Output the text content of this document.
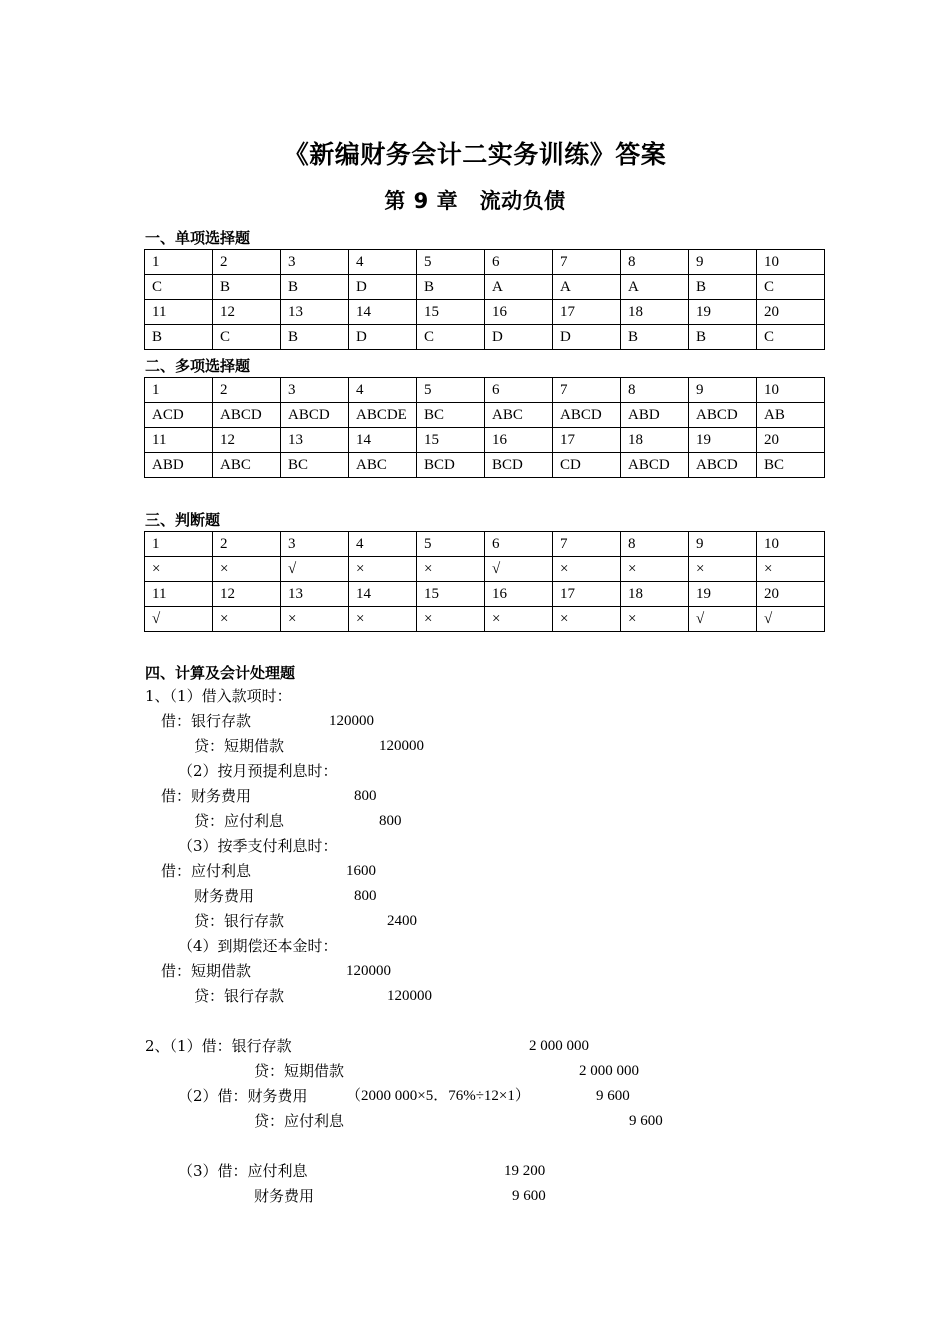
《新编财务会计二实务训练》答案
第 9 章　流动负债
一、单项选择题
1	2	3	4	5	6	7	8	9	10
C	B	B	D	B	A	A	A	B	C
11	12	13	14	15	16	17	18	19	20
B	C	B	D	C	D	D	B	B	C
二、多项选择题
1	2	3	4	5	6	7	8	9	10
ACD	ABCD	ABCD	ABCDE	BC	ABC	ABCD	ABD	ABCD	AB
11	12	13	14	15	16	17	18	19	20
ABD	ABC	BC	ABC	BCD	BCD	CD	ABCD	ABCD	BC
三、判断题
1	2	3	4	5	6	7	8	9	10
×	×	√	×	×	√	×	×	×	×
11	12	13	14	15	16	17	18	19	20
√	×	×	×	×	×	×	×	√	√
四、计算及会计处理题
1、（1）借入款项时：
借：银行存款	120000
贷：短期借款	120000
（2）按月预提利息时：
借：财务费用	800
贷：应付利息	800
（3）按季支付利息时：
借：应付利息	1600
财务费用	800
贷：银行存款	2400
（4）到期偿还本金时：
借：短期借款	120000
贷：银行存款	120000
2、（1）借：银行存款	2 000 000
贷：短期借款	2 000 000
（2）借：财务费用	（2000 000×5．76%÷12×1）	9 600
贷：应付利息	9 600
（3）借：应付利息	19 200
财务费用	9 600
